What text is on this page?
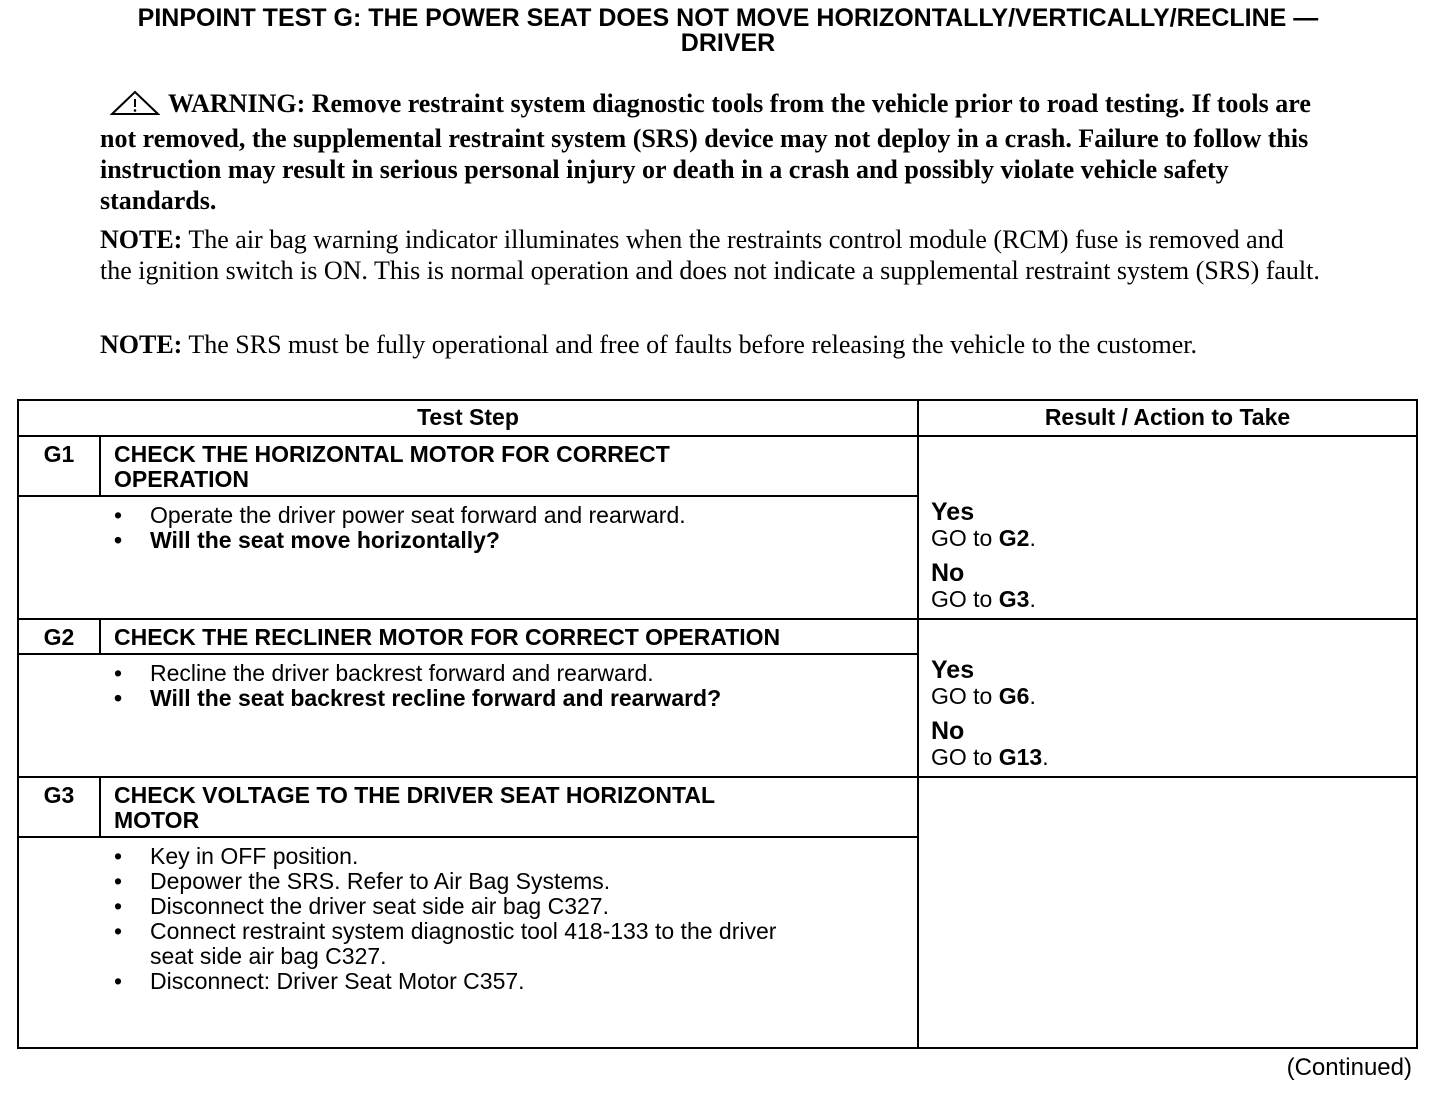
PINPOINT TEST G: THE POWER SEAT DOES NOT MOVE HORIZONTALLY/VERTICALLY/RECLINE —
DRIVER
WARNING: Remove restraint system diagnostic tools from the vehicle prior to road testing. If tools are not removed, the supplemental restraint system (SRS) device may not deploy in a crash. Failure to follow this instruction may result in serious personal injury or death in a crash and possibly violate vehicle safety standards.
NOTE: The air bag warning indicator illuminates when the restraints control module (RCM) fuse is removed and the ignition switch is ON. This is normal operation and does not indicate a supplemental restraint system (SRS) fault.
NOTE: The SRS must be fully operational and free of faults before releasing the vehicle to the customer.
Test Step	Result / Action to Take
G1	CHECK THE HORIZONTAL MOTOR FOR CORRECT
OPERATION
•	Operate the driver power seat forward and rearward.
•	Will the seat move horizontally?
Yes
GO to G2.
No
GO to G3.
G2	CHECK THE RECLINER MOTOR FOR CORRECT OPERATION
•	Recline the driver backrest forward and rearward.
•	Will the seat backrest recline forward and rearward?
Yes
GO to G6.
No
GO to G13.
G3	CHECK VOLTAGE TO THE DRIVER SEAT HORIZONTAL
MOTOR
•	Key in OFF position.
•	Depower the SRS. Refer to Air Bag Systems.
•	Disconnect the driver seat side air bag C327.
•	Connect restraint system diagnostic tool 418-133 to the driver
seat side air bag C327.
•	Disconnect: Driver Seat Motor C357.
(Continued)
